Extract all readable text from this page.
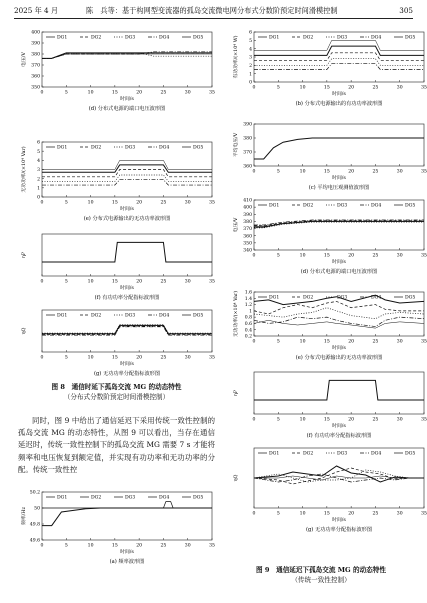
2025 年 4 月	陈　兵等：基于构网型变流器的孤岛交流微电网分布式分数阶预定时间滑模控制	305
0	5	10	15	20	25	30	35
350
360
370
380
390
400
电压/V
时间/s
DG1	DG2	DG3	DG4	DG5
(d) 分布式电源的端口电压波形图
0	5	10	15	20	25	30	35
0
1
2
3
4
5
6
无功功率/(×10⁴ Var)
时间/s
DG1	DG2	DG3	DG4	DG5
(e) 分布式电源输出的无功功率波形图
0	5	10	15	20	25	30	35
ηP
时间/s
(f) 有功功率分配指标波形图
0	5	10	15	20	25	30	35
ηQ
时间/s
DG1	DG2	DG3	DG4	DG5
(g) 无功功率分配指标波形图
0	5	10	15	20	25	30	35
49.6
49.8
50
50.2
频率/Hz
时间/s
DG1	DG2	DG3	DG4	DG5
(a) 频率波形图
0	5	10	15	20	25	30	35
0
1
2
3
4
5
6
有功功率/(×10⁴ W)
时间/s
DG1	DG2	DG3	DG4	DG5
(b) 分布式电源输出的有功功率波形图
0	5	10	15	20	25	30	35
360
370
380
390
平均电压/V
时间/s
(c) 平均电压观测值波形图
0	5	10	15	20	25	30	35
340
350
360
370
380
390
400
410
电压/V
时间/s
DG1	DG2	DG3	DG4	DG5
(d) 分布式电源的端口电压波形图
0	5	10	15	20	25	30	35
0.2
0.4
0.6
0.8
1
1.2
1.4
1.6
无功功率/(×10⁴ Var)
时间/s
DG1	DG2	DG3	DG4	DG5
(e) 分布式电源输出的无功功率波形图
0	5	10	15	20	25	30	35
ηP
时间/s
(f) 有功功率分配指标波形图
0	5	10	15	20	25	30	35
ηQ
时间/s
DG1	DG2	DG3	DG4	DG5
(g) 无功功率分配指标波形图
图 8　通信时延下孤岛交流 MG 的动态特性
（分布式分数阶预定时间滑模控制）

同时，图 9 中给出了通信延迟下采用传统一致性控制的孤岛交流 MG 的动态特性，从图 9 可以看出，当存在通信延迟时，传统一致性控制下的孤岛交流 MG 需要 7 s 才能将频率和电压恢复到额定值，并实现有功功率和无功功率的分配。传统一致性控

图 9　通信延迟下孤岛交流 MG 的动态特性
（传统一致性控制）
